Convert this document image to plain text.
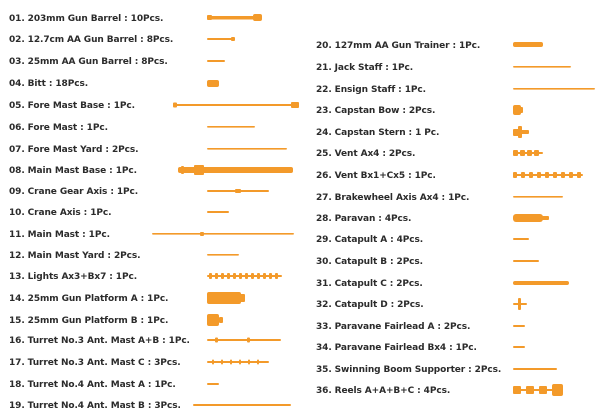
01. 203mm Gun Barrel : 10Pcs.
02. 12.7cm AA Gun Barrel : 8Pcs.
03. 25mm AA Gun Barrel : 8Pcs.
04. Bitt : 18Pcs.
05. Fore Mast Base : 1Pc.
06. Fore Mast : 1Pc.
07. Fore Mast Yard : 2Pcs.
08. Main Mast Base : 1Pc.
09. Crane Gear Axis : 1Pc.
10. Crane Axis : 1Pc.
11. Main Mast : 1Pc.
12. Main Mast Yard : 2Pcs.
13. Lights Ax3+Bx7 : 1Pc.
14. 25mm Gun Platform A : 1Pc.
15. 25mm Gun Platform B : 1Pc.
16. Turret No.3 Ant. Mast A+B : 1Pc.
17. Turret No.3 Ant. Mast C : 3Pcs.
18. Turret No.4 Ant. Mast A : 1Pc.
19. Turret No.4 Ant. Mast B : 3Pcs.
20. 127mm AA Gun Trainer : 1Pc.
21. Jack Staff : 1Pc.
22. Ensign Staff : 1Pc.
23. Capstan Bow : 2Pcs.
24. Capstan Stern : 1 Pc.
25. Vent Ax4 : 2Pcs.
26. Vent Bx1+Cx5 : 1Pc.
27. Brakewheel Axis Ax4 : 1Pc.
28. Paravan : 4Pcs.
29. Catapult A : 4Pcs.
30. Catapult B : 2Pcs.
31. Catapult C : 2Pcs.
32. Catapult D : 2Pcs.
33. Paravane Fairlead A : 2Pcs.
34. Paravane Fairlead Bx4 : 1Pc.
35. Swinning Boom Supporter : 2Pcs.
36. Reels A+A+B+C : 4Pcs.
